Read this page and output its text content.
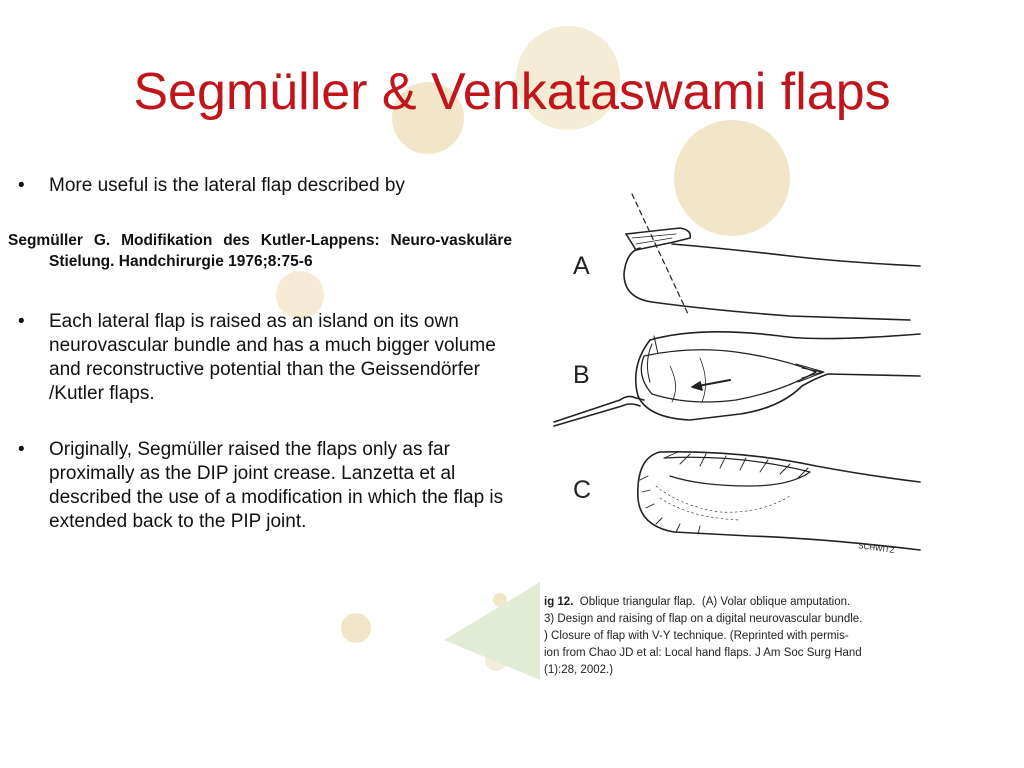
Segmüller & Venkataswami flaps
• More useful is the lateral flap described by
Segmüller G. Modifikation des Kutler-Lappens: Neuro-vaskuläre Stielung. Handchirurgie 1976;8:75-6
• Each lateral flap is raised as an island on its own neurovascular bundle and has a much bigger volume and reconstructive potential than the Geissendörfer /Kutler flaps.
• Originally, Segmüller raised the flaps only as far proximally as the DIP joint crease. Lanzetta et al described the use of a modification in which the flap is extended back to the PIP joint.
A
B
C
SCHWITZ
ig 12. Oblique triangular flap. (A) Volar oblique amputation.
3) Design and raising of flap on a digital neurovascular bundle.
) Closure of flap with V-Y technique. (Reprinted with permis-
ion from Chao JD et al: Local hand flaps. J Am Soc Surg Hand
(1):28, 2002.)
